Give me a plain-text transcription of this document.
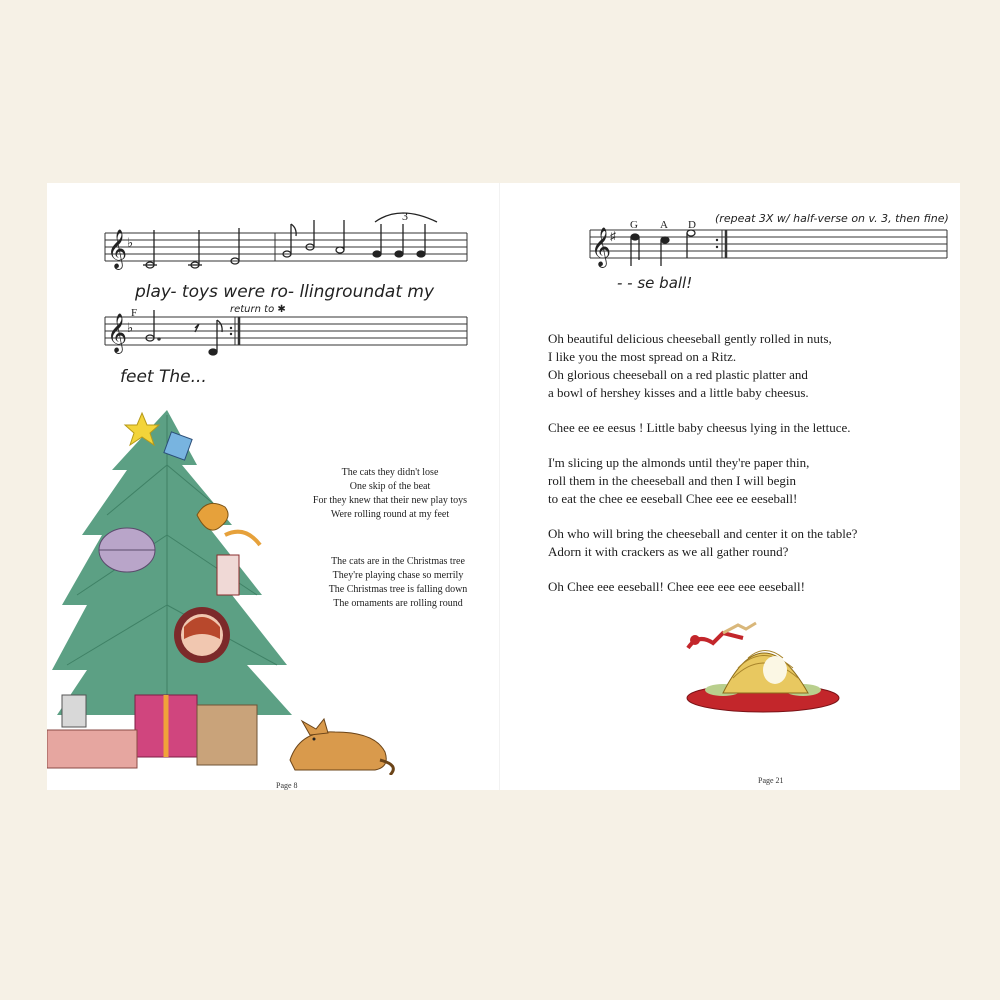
𝄞 ♭
3
play- toys were ro- llingroundat my
𝄞 ♭
F	return to ✱
feet The...
The cats they didn't lose
One skip of the beat
For they knew that their new play toys
Were rolling round at my feet
The cats are in the Christmas tree
They're playing chase so merrily
The Christmas tree is falling down
The ornaments are rolling round
Page 8
𝄞
♯
G A D (repeat 3X w/ half-verse on v. 3, then fine)
- - se ball!
Oh beautiful delicious cheeseball gently rolled in nuts,
I like you the most spread on a Ritz.
Oh glorious cheeseball on a red plastic platter and
a bowl of hershey kisses and a little baby cheesus.
Chee ee ee eesus ! Little baby cheesus lying in the lettuce.
I'm slicing up the almonds until they're paper thin,
roll them in the cheeseball and then I will begin
to eat the chee ee eeseball Chee eee ee eeseball!
Oh who will bring the cheeseball and center it on the table?
Adorn it with crackers as we all gather round?
Oh Chee eee eeseball! Chee eee eee eee eeseball!
Page 21
